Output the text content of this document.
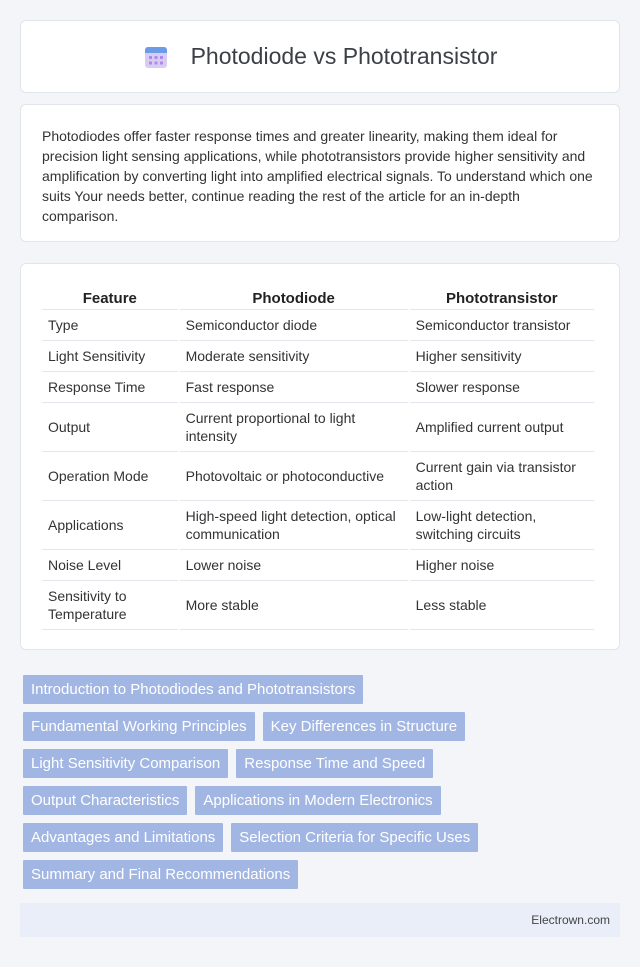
Photodiode vs Phototransistor

Photodiodes offer faster response times and greater linearity, making them ideal for precision light sensing applications, while phototransistors provide higher sensitivity and amplification by converting light into amplified electrical signals. To understand which one suits Your needs better, continue reading the rest of the article for an in-depth comparison.

Feature	Photodiode	Phototransistor
Type	Semiconductor diode	Semiconductor transistor
Light Sensitivity	Moderate sensitivity	Higher sensitivity
Response Time	Fast response	Slower response
Output	Current proportional to light intensity	Amplified current output
Operation Mode	Photovoltaic or photoconductive	Current gain via transistor action
Applications	High-speed light detection, optical communication	Low-light detection, switching circuits
Noise Level	Lower noise	Higher noise
Sensitivity to Temperature	More stable	Less stable
Introduction to Photodiodes and Phototransistors
Fundamental Working Principles	Key Differences in Structure
Light Sensitivity Comparison	Response Time and Speed
Output Characteristics	Applications in Modern Electronics
Advantages and Limitations	Selection Criteria for Specific Uses
Summary and Final Recommendations
Electrown.com
